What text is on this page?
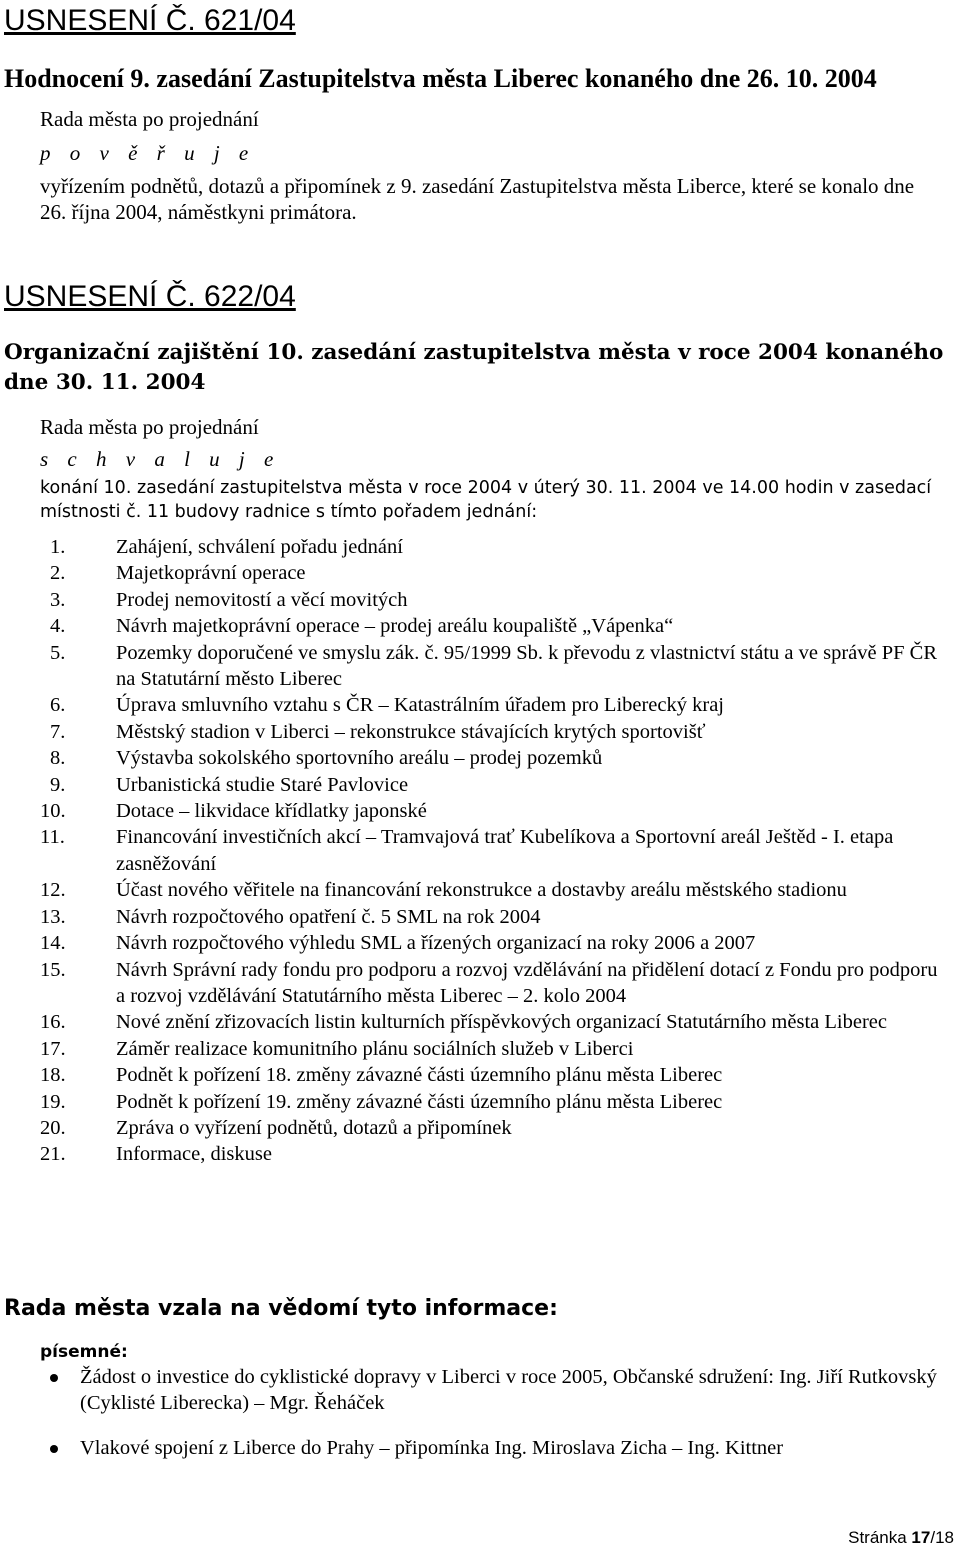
USNESENÍ Č. 621/04
Hodnocení 9. zasedání Zastupitelstva města Liberec konaného dne 26. 10. 2004
Rada města po projednání
p o v ě ř u j e
vyřízením podnětů, dotazů a připomínek z 9. zasedání Zastupitelstva města Liberce, které se konalo dne 26. října 2004, náměstkyni primátora.
USNESENÍ Č. 622/04
Organizační zajištění 10. zasedání zastupitelstva města v roce 2004 konaného dne 30. 11. 2004
Rada města po projednání
s c h v a l u j e
konání 10. zasedání zastupitelstva města v roce 2004 v úterý 30. 11. 2004 ve 14.00 hodin v zasedací místnosti č. 11 budovy radnice s tímto pořadem jednání:
1.	Zahájení, schválení pořadu jednání
2.	Majetkoprávní operace
3.	Prodej nemovitostí a věcí movitých
4.	Návrh majetkoprávní operace – prodej areálu koupaliště „Vápenka“
5.	Pozemky doporučené ve smyslu zák. č. 95/1999 Sb. k převodu z vlastnictví státu a ve správě PF ČR na Statutární město Liberec
6.	Úprava smluvního vztahu s ČR – Katastrálním úřadem pro Liberecký kraj
7.	Městský stadion v Liberci – rekonstrukce stávajících krytých sportovišť
8.	Výstavba sokolského sportovního areálu – prodej pozemků
9.	Urbanistická studie Staré Pavlovice
10.	Dotace – likvidace křídlatky japonské
11.	Financování investičních akcí – Tramvajová trať Kubelíkova a Sportovní areál Ještěd - I. etapa zasněžování
12.	Účast nového věřitele na financování rekonstrukce a dostavby areálu městského stadionu
13.	Návrh rozpočtového opatření č. 5 SML na rok 2004
14.	Návrh rozpočtového výhledu SML a řízených organizací na roky 2006 a 2007
15.	Návrh Správní rady fondu pro podporu a rozvoj vzdělávání na přidělení dotací z Fondu pro podporu a rozvoj vzdělávání Statutárního města Liberec – 2. kolo 2004
16.	Nové znění zřizovacích listin kulturních příspěvkových organizací Statutárního města Liberec
17.	Záměr realizace komunitního plánu sociálních služeb v Liberci
18.	Podnět k pořízení 18. změny závazné části územního plánu města Liberec
19.	Podnět k pořízení 19. změny závazné části územního plánu města Liberec
20.	Zpráva o vyřízení podnětů, dotazů a připomínek
21.	Informace, diskuse
Rada města vzala na vědomí tyto informace:
písemné:
Žádost o investice do cyklistické dopravy v Liberci v roce 2005, Občanské sdružení: Ing. Jiří Rutkovský (Cyklisté Liberecka) – Mgr. Řeháček
Vlakové spojení z Liberce do Prahy – připomínka Ing. Miroslava Zicha – Ing. Kittner
Stránka 17/18
